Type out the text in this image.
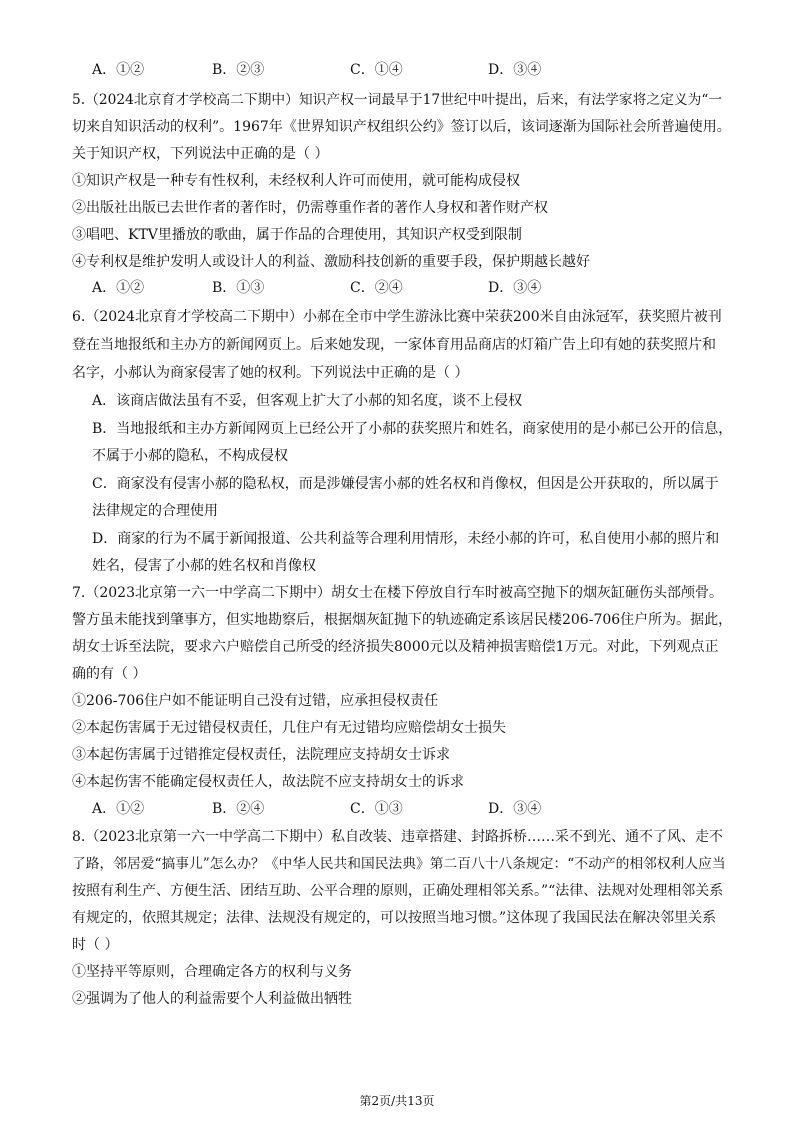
A．①②	B．②③	C．①④	D．③④
5.（2024北京育才学校高二下期中）知识产权一词最早于17世纪中叶提出，后来，有法学家将之定义为“一
切来自知识活动的权利”。1967年《世界知识产权组织公约》签订以后，该词逐渐为国际社会所普遍使用。
关于知识产权，下列说法中正确的是（ ）
①知识产权是一种专有性权利，未经权利人许可而使用，就可能构成侵权
②出版社出版已去世作者的著作时，仍需尊重作者的著作人身权和著作财产权
③唱吧、KTV里播放的歌曲，属于作品的合理使用，其知识产权受到限制
④专利权是维护发明人或设计人的利益、激励科技创新的重要手段，保护期越长越好
A．①②	B．①③	C．②④	D．③④
6.（2024北京育才学校高二下期中）小郝在全市中学生游泳比赛中荣获200米自由泳冠军，获奖照片被刊
登在当地报纸和主办方的新闻网页上。后来她发现，一家体育用品商店的灯箱广告上印有她的获奖照片和
名字，小郝认为商家侵害了她的权利。下列说法中正确的是（ ）
A．该商店做法虽有不妥，但客观上扩大了小郝的知名度，谈不上侵权
B．当地报纸和主办方新闻网页上已经公开了小郝的获奖照片和姓名，商家使用的是小郝已公开的信息，
不属于小郝的隐私，不构成侵权
C．商家没有侵害小郝的隐私权，而是涉嫌侵害小郝的姓名权和肖像权，但因是公开获取的，所以属于
法律规定的合理使用
D．商家的行为不属于新闻报道、公共利益等合理利用情形，未经小郝的许可，私自使用小郝的照片和
姓名，侵害了小郝的姓名权和肖像权
7.（2023北京第一六一中学高二下期中）胡女士在楼下停放自行车时被高空抛下的烟灰缸砸伤头部颅骨。
警方虽未能找到肇事方，但实地勘察后，根据烟灰缸抛下的轨迹确定系该居民楼206-706住户所为。据此，
胡女士诉至法院，要求六户赔偿自己所受的经济损失8000元以及精神损害赔偿1万元。对此，下列观点正
确的有（ ）
①206-706住户如不能证明自己没有过错，应承担侵权责任
②本起伤害属于无过错侵权责任，几住户有无过错均应赔偿胡女士损失
③本起伤害属于过错推定侵权责任，法院理应支持胡女士诉求
④本起伤害不能确定侵权责任人，故法院不应支持胡女士的诉求
A．①②	B．②④	C．①③	D．③④
8.（2023北京第一六一中学高二下期中）私自改装、违章搭建、封路拆桥……采不到光、通不了风、走不
了路，邻居爱“搞事儿”怎么办？《中华人民共和国民法典》第二百八十八条规定：“不动产的相邻权利人应当
按照有利生产、方便生活、团结互助、公平合理的原则，正确处理相邻关系。”“法律、法规对处理相邻关系
有规定的，依照其规定；法律、法规没有规定的，可以按照当地习惯。”这体现了我国民法在解决邻里关系
时（ ）
①坚持平等原则，合理确定各方的权利与义务
②强调为了他人的利益需要个人利益做出牺牲
第2页/共13页
